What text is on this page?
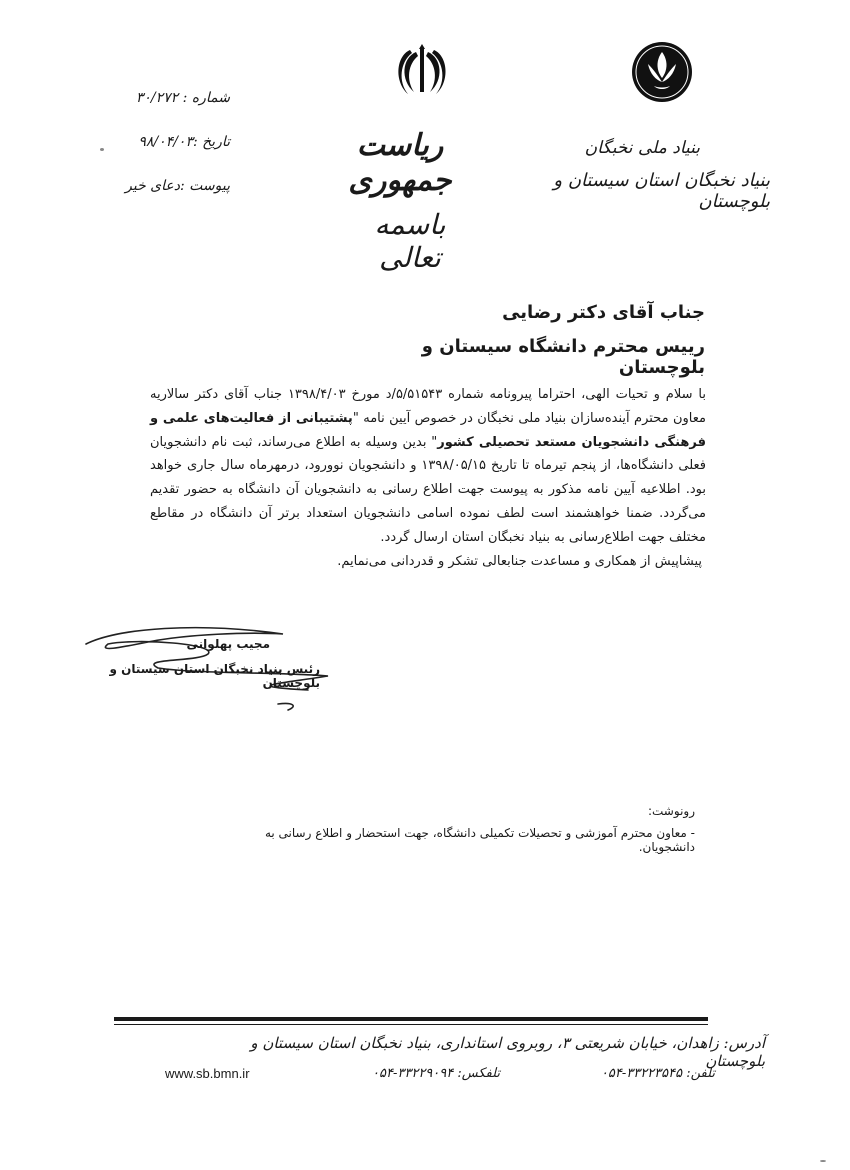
ریاست جمهوری
باسمه تعالی
بنیاد ملی نخبگان
بنیاد نخبگان استان سیستان و بلوچستان
شماره : ۳۰/۲۷۲
تاریخ :۹۸/۰۴/۰۳
پیوست :دعای خیر
جناب آقای دکتر رضایی
رییس محترم دانشگاه سیستان و بلوچستان

با سلام و تحیات الهی، احتراما پیرونامه شماره ۵/۵۱۵۴۳/د مورخ ۱۳۹۸/۴/۰۳ جناب آقای دکتر سالاریه معاون محترم آینده‌سازان بنیاد ملی نخبگان در خصوص آیین نامه "پشتیبانی از فعالیت‌های علمی و فرهنگی دانشجویان مستعد تحصیلی کشور" بدین وسیله به اطلاع می‌رساند، ثبت نام دانشجویان فعلی دانشگاه‌ها، از پنجم تیرماه تا تاریخ ۱۳۹۸/۰۵/۱۵ و دانشجویان نوورود، درمهرماه سال جاری خواهد بود. اطلاعیه آیین نامه مذکور به پیوست جهت اطلاع رسانی به دانشجویان آن دانشگاه به حضور تقدیم می‌گردد. ضمنا خواهشمند است لطف نموده اسامی دانشجویان استعداد برتر آن دانشگاه در مقاطع مختلف جهت اطلاع‌رسانی به بنیاد نخبگان استان ارسال گردد.

پیشاپیش از همکاری و مساعدت جنابعالی تشکر و قدردانی می‌نمایم.

مجیب پهلوانی
رئیس بنیاد نخبگان استان سیستان و بلوچستان
رونوشت:
- معاون محترم آموزشی و تحصیلات تکمیلی دانشگاه، جهت استحضار و اطلاع رسانی به دانشجویان.
آدرس: زاهدان، خیابان شریعتی ۳، روبروی استانداری، بنیاد نخبگان استان سیستان و بلوچستان
www.sb.bmn.ir	تلفکس: ۳۳۲۲۹۰۹۴-۰۵۴	تلفن: ۳۳۲۲۳۵۴۵-۰۵۴
